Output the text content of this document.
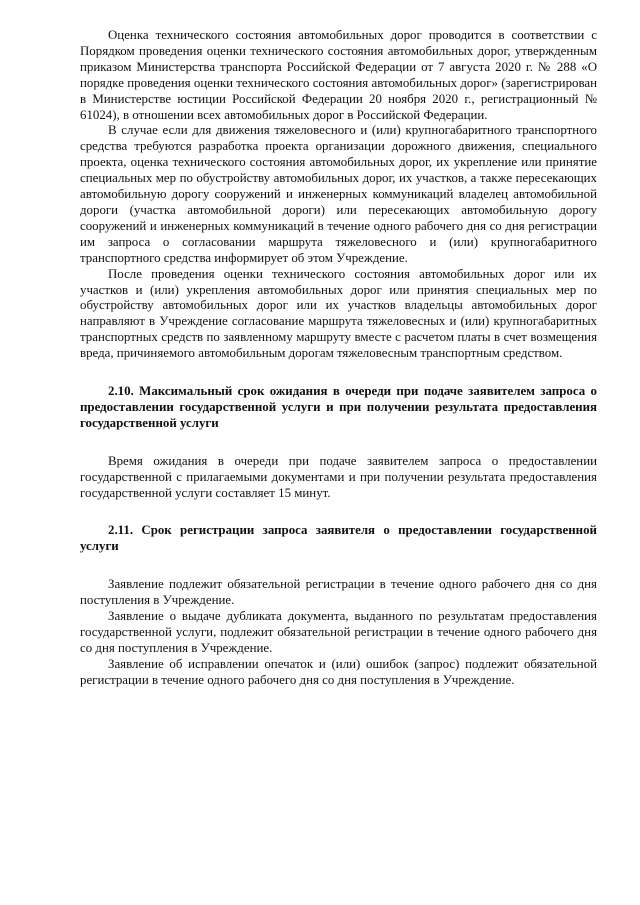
Оценка технического состояния автомобильных дорог проводится в соответствии с Порядком проведения оценки технического состояния автомобильных дорог, утвержденным приказом Министерства транспорта Российской Федерации от 7 августа 2020 г. № 288 «О порядке проведения оценки технического состояния автомобильных дорог» (зарегистрирован в Министерстве юстиции Российской Федерации 20 ноября 2020 г., регистрационный № 61024), в отношении всех автомобильных дорог в Российской Федерации.

В случае если для движения тяжеловесного и (или) крупногабаритного транспортного средства требуются разработка проекта организации дорожного движения, специального проекта, оценка технического состояния автомобильных дорог, их укрепление или принятие специальных мер по обустройству автомобильных дорог, их участков, а также пересекающих автомобильную дорогу сооружений и инженерных коммуникаций владелец автомобильной дороги (участка автомобильной дороги) или пересекающих автомобильную дорогу сооружений и инженерных коммуникаций в течение одного рабочего дня со дня регистрации им запроса о согласовании маршрута тяжеловесного и (или) крупногабаритного транспортного средства информирует об этом Учреждение.

После проведения оценки технического состояния автомобильных дорог или их участков и (или) укрепления автомобильных дорог или принятия специальных мер по обустройству автомобильных дорог или их участков владельцы автомобильных дорог направляют в Учреждение согласование маршрута тяжеловесных и (или) крупногабаритных транспортных средств по заявленному маршруту вместе с расчетом платы в счет возмещения вреда, причиняемого автомобильным дорогам тяжеловесным транспортным средством.

2.10. Максимальный срок ожидания в очереди при подаче заявителем запроса о предоставлении государственной услуги и при получении результата предоставления государственной услуги

Время ожидания в очереди при подаче заявителем запроса о предоставлении государственной с прилагаемыми документами и при получении результата предоставления государственной услуги составляет 15 минут.

2.11. Срок регистрации запроса заявителя о предоставлении государственной услуги

Заявление подлежит обязательной регистрации в течение одного рабочего дня со дня поступления в Учреждение.

Заявление о выдаче дубликата документа, выданного по результатам предоставления государственной услуги, подлежит обязательной регистрации в течение одного рабочего дня со дня поступления в Учреждение.

Заявление об исправлении опечаток и (или) ошибок (запрос) подлежит обязательной регистрации в течение одного рабочего дня со дня поступления в Учреждение.
